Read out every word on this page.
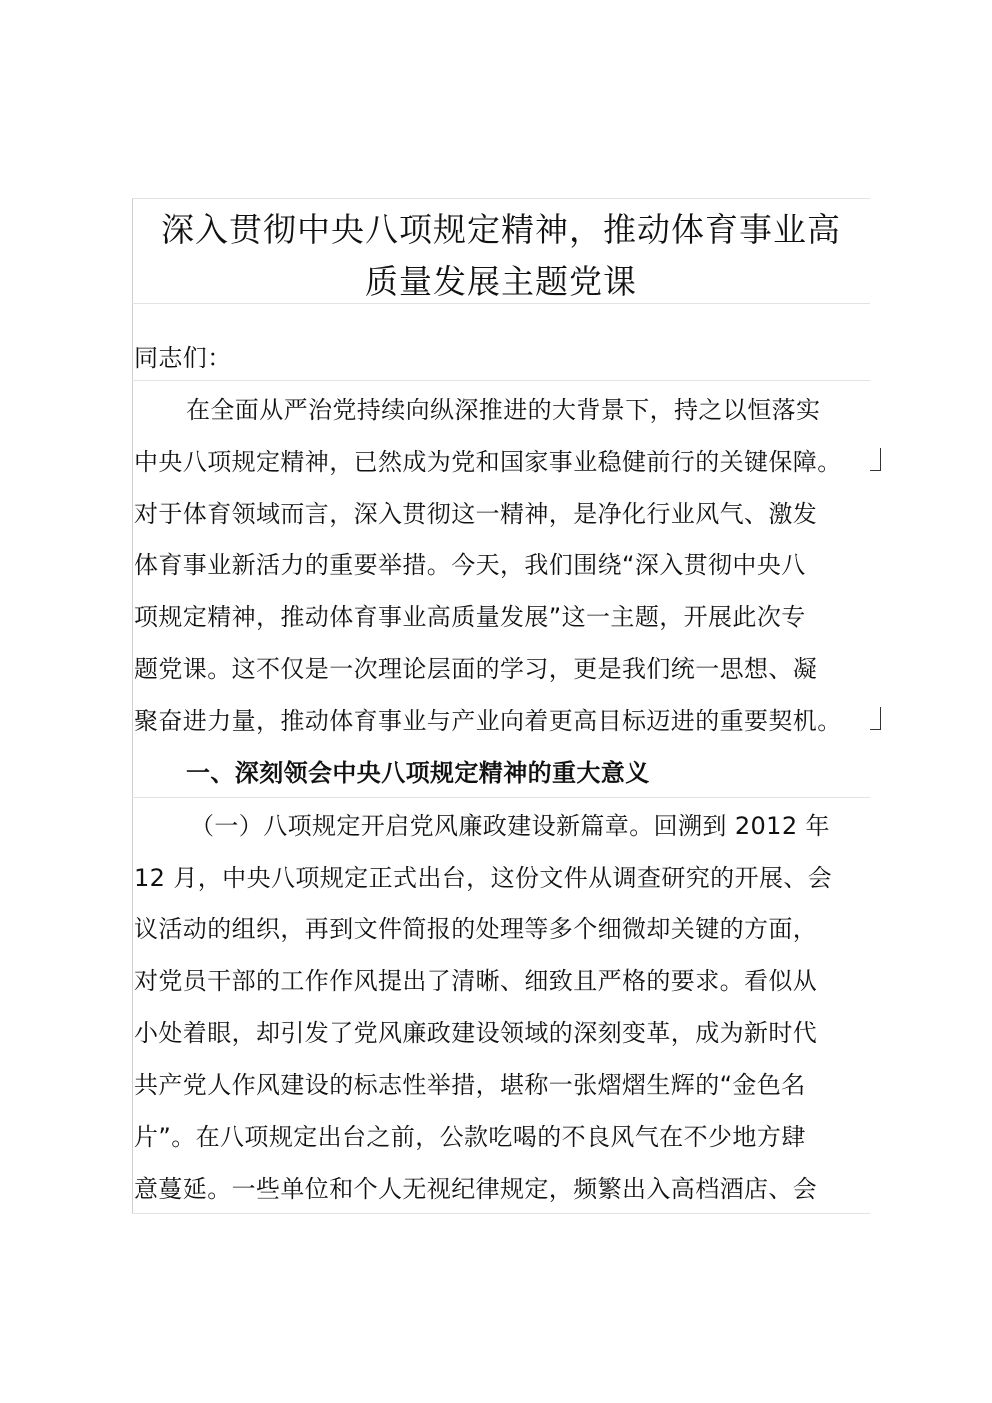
深入贯彻中央八项规定精神，推动体育事业高
质量发展主题党课
同志们：
在全面从严治党持续向纵深推进的大背景下，持之以恒落实
中央八项规定精神，已然成为党和国家事业稳健前行的关键保障。
对于体育领域而言，深入贯彻这一精神，是净化行业风气、激发
体育事业新活力的重要举措。今天，我们围绕“深入贯彻中央八
项规定精神，推动体育事业高质量发展”这一主题，开展此次专
题党课。这不仅是一次理论层面的学习，更是我们统一思想、凝
聚奋进力量，推动体育事业与产业向着更高目标迈进的重要契机。
一、深刻领会中央八项规定精神的重大意义
（一）八项规定开启党风廉政建设新篇章。回溯到 2012 年
12 月，中央八项规定正式出台，这份文件从调查研究的开展、会
议活动的组织，再到文件简报的处理等多个细微却关键的方面，
对党员干部的工作作风提出了清晰、细致且严格的要求。看似从
小处着眼，却引发了党风廉政建设领域的深刻变革，成为新时代
共产党人作风建设的标志性举措，堪称一张熠熠生辉的“金色名
片”。在八项规定出台之前，公款吃喝的不良风气在不少地方肆
意蔓延。一些单位和个人无视纪律规定，频繁出入高档酒店、会
